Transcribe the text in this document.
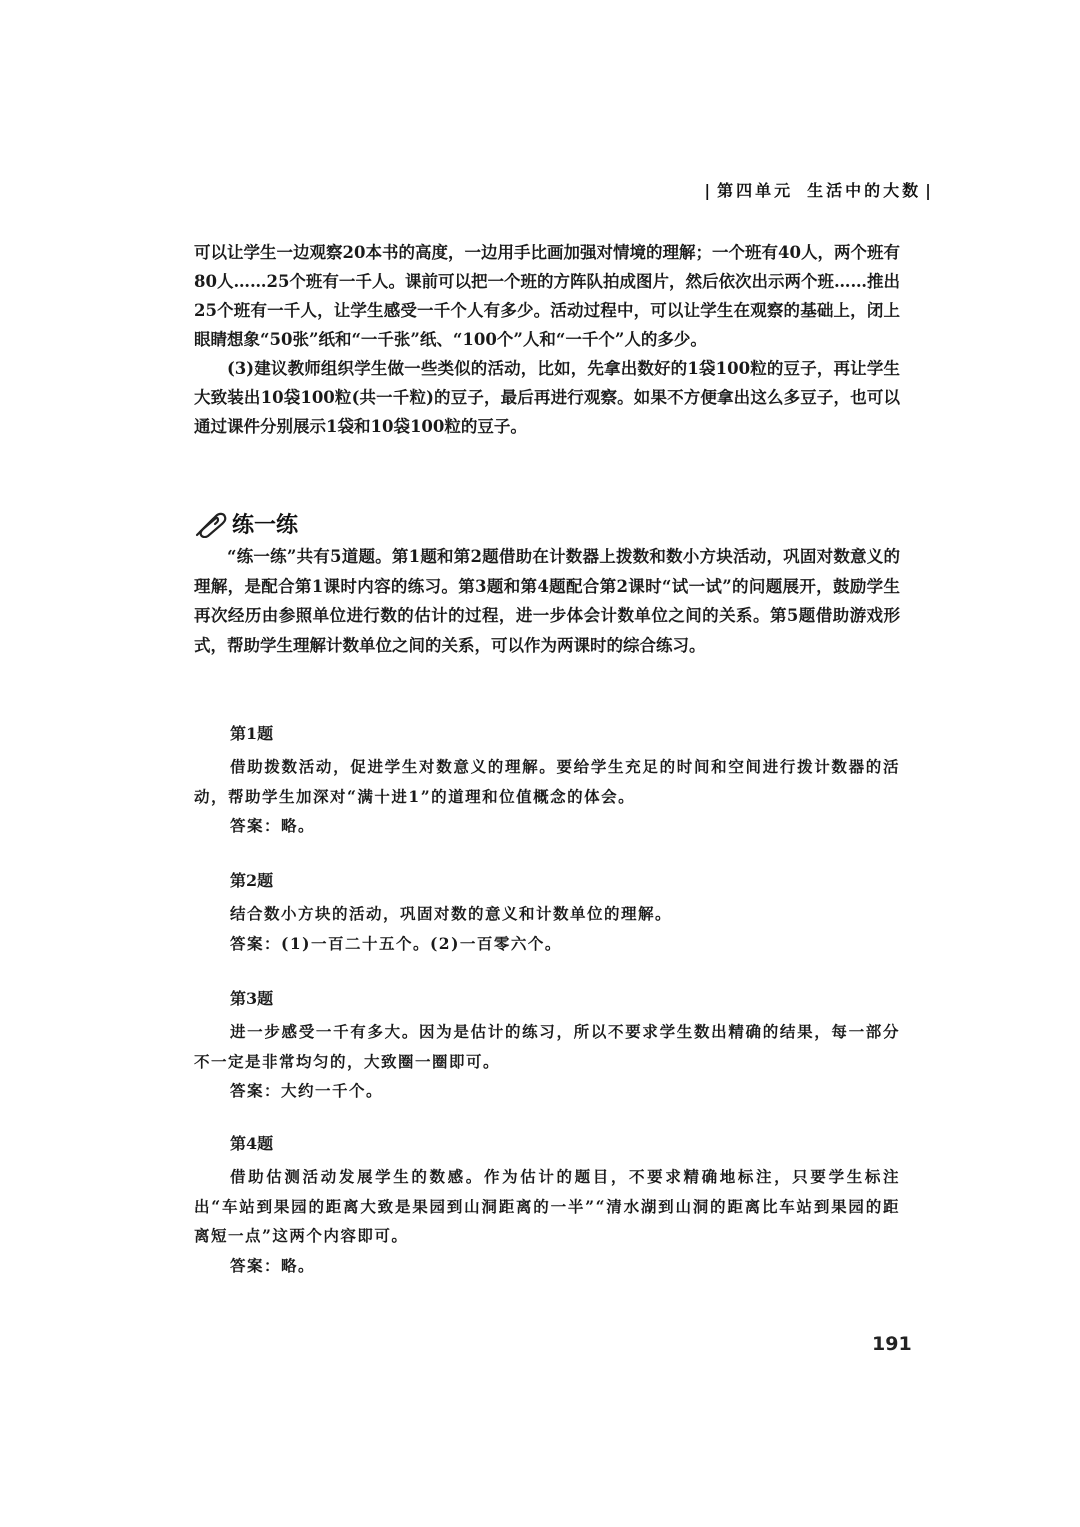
| 第四单元 生活中的大数 |

可以让学生一边观察20本书的高度，一边用手比画加强对情境的理解；一个班有40人，两个班有80人……25个班有一千人。课前可以把一个班的方阵队拍成图片，然后依次出示两个班……推出25个班有一千人，让学生感受一千个人有多少。活动过程中，可以让学生在观察的基础上，闭上眼睛想象“50张”纸和“一千张”纸、“100个”人和“一千个”人的多少。

(3)建议教师组织学生做一些类似的活动，比如，先拿出数好的1袋100粒的豆子，再让学生大致装出10袋100粒(共一千粒)的豆子，最后再进行观察。如果不方便拿出这么多豆子，也可以通过课件分别展示1袋和10袋100粒的豆子。

练一练

“练一练”共有5道题。第1题和第2题借助在计数器上拨数和数小方块活动，巩固对数意义的理解，是配合第1课时内容的练习。第3题和第4题配合第2课时“试一试”的问题展开，鼓励学生再次经历由参照单位进行数的估计的过程，进一步体会计数单位之间的关系。第5题借助游戏形式，帮助学生理解计数单位之间的关系，可以作为两课时的综合练习。

第1题

借助拨数活动，促进学生对数意义的理解。要给学生充足的时间和空间进行拨计数器的活动，帮助学生加深对“满十进1”的道理和位值概念的体会。

答案：略。

第2题

结合数小方块的活动，巩固对数的意义和计数单位的理解。

答案：(1)一百二十五个。(2)一百零六个。

第3题

进一步感受一千有多大。因为是估计的练习，所以不要求学生数出精确的结果，每一部分不一定是非常均匀的，大致圈一圈即可。

答案：大约一千个。

第4题

借助估测活动发展学生的数感。作为估计的题目，不要求精确地标注，只要学生标注出“车站到果园的距离大致是果园到山洞距离的一半”“清水湖到山洞的距离比车站到果园的距离短一点”这两个内容即可。

答案：略。

191
